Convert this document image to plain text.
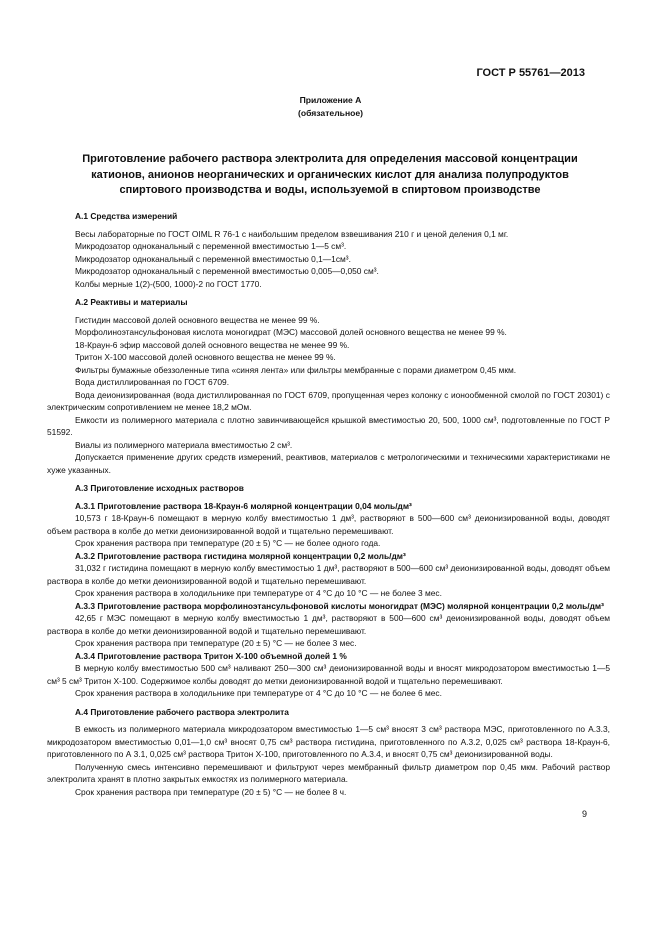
ГОСТ Р 55761—2013
Приложение А
(обязательное)
Приготовление рабочего раствора электролита для определения массовой концентрации катионов, анионов неорганических и органических кислот для анализа полупродуктов спиртового производства и воды, используемой в спиртовом производстве

А.1 Средства измерений

Весы лабораторные по ГОСТ OIML R 76-1 с наибольшим пределом взвешивания 210 г и ценой деления 0,1 мг.

Микродозатор одноканальный с переменной вместимостью 1—5 см³.

Микродозатор одноканальный с переменной вместимостью 0,1—1см³.

Микродозатор одноканальный с переменной вместимостью 0,005—0,050 см³.

Колбы мерные 1(2)-(500, 1000)-2 по ГОСТ 1770.

А.2 Реактивы и материалы

Гистидин массовой долей основного вещества не менее 99 %.

Морфолиноэтансульфоновая кислота моногидрат (МЭС) массовой долей основного вещества не менее 99 %.

18-Краун-6 эфир массовой долей основного вещества не менее 99 %.

Тритон Х-100 массовой долей основного вещества не менее 99 %.

Фильтры бумажные обеззоленные типа «синяя лента» или фильтры мембранные с порами диаметром 0,45 мкм.

Вода дистиллированная по ГОСТ 6709.

Вода деионизированная (вода дистиллированная по ГОСТ 6709, пропущенная через колонку с ионообменной смолой по ГОСТ 20301) с электрическим сопротивлением не менее 18,2 мОм.

Емкости из полимерного материала с плотно завинчивающейся крышкой вместимостью 20, 500, 1000 см³, подготовленные по ГОСТ Р 51592.

Виалы из полимерного материала вместимостью 2 см³.

Допускается применение других средств измерений, реактивов, материалов с метрологическими и техническими характеристиками не хуже указанных.

А.3 Приготовление исходных растворов

А.3.1 Приготовление раствора 18-Краун-6 молярной концентрации 0,04 моль/дм³

10,573 г 18-Краун-6 помещают в мерную колбу вместимостью 1 дм³, растворяют в 500—600 см³ деионизированной воды, доводят объем раствора в колбе до метки деионизированной водой и тщательно перемешивают.

Срок хранения раствора при температуре (20 ± 5) °С — не более одного года.

А.3.2 Приготовление раствора гистидина молярной концентрации 0,2 моль/дм³

31,032 г гистидина помещают в мерную колбу вместимостью 1 дм³, растворяют в 500—600 см³ деионизированной воды, доводят объем раствора в колбе до метки деионизированной водой и тщательно перемешивают.

Срок хранения раствора в холодильнике при температуре от 4 °С до 10 °С — не более 3 мес.

А.3.3 Приготовление раствора морфолиноэтансульфоновой кислоты моногидрат (МЭС) молярной концентрации 0,2 моль/дм³

42,65 г МЭС помещают в мерную колбу вместимостью 1 дм³, растворяют в 500—600 см³ деионизированной воды, доводят объем раствора в колбе до метки деионизированной водой и тщательно перемешивают.

Срок хранения раствора при температуре (20 ± 5) °С — не более 3 мес.

А.3.4 Приготовление раствора Тритон Х-100 объемной долей 1 %

В мерную колбу вместимостью 500 см³ наливают 250—300 см³ деионизированной воды и вносят микродозатором вместимостью 1—5 см³ 5 см³ Тритон Х-100. Содержимое колбы доводят до метки деионизированной водой и тщательно перемешивают.

Срок хранения раствора в холодильнике при температуре от 4 °С до 10 °С — не более 6 мес.

А.4 Приготовление рабочего раствора электролита

В емкость из полимерного материала микродозатором вместимостью 1—5 см³ вносят 3 см³ раствора МЭС, приготовленного по А.3.3, микродозатором вместимостью 0,01—1,0 см³ вносят 0,75 см³ раствора гистидина, приготовленного по А.3.2, 0,025 см³ раствора 18-Краун-6, приготовленного по А 3.1, 0,025 см³ раствора Тритон Х-100, приготовленного по А.3.4, и вносят 0,75 см³ деионизированной воды.

Полученную смесь интенсивно перемешивают и фильтруют через мембранный фильтр диаметром пор 0,45 мкм. Рабочий раствор электролита хранят в плотно закрытых емкостях из полимерного материала.

Срок хранения раствора при температуре (20 ± 5) °С — не более 8 ч.

9
